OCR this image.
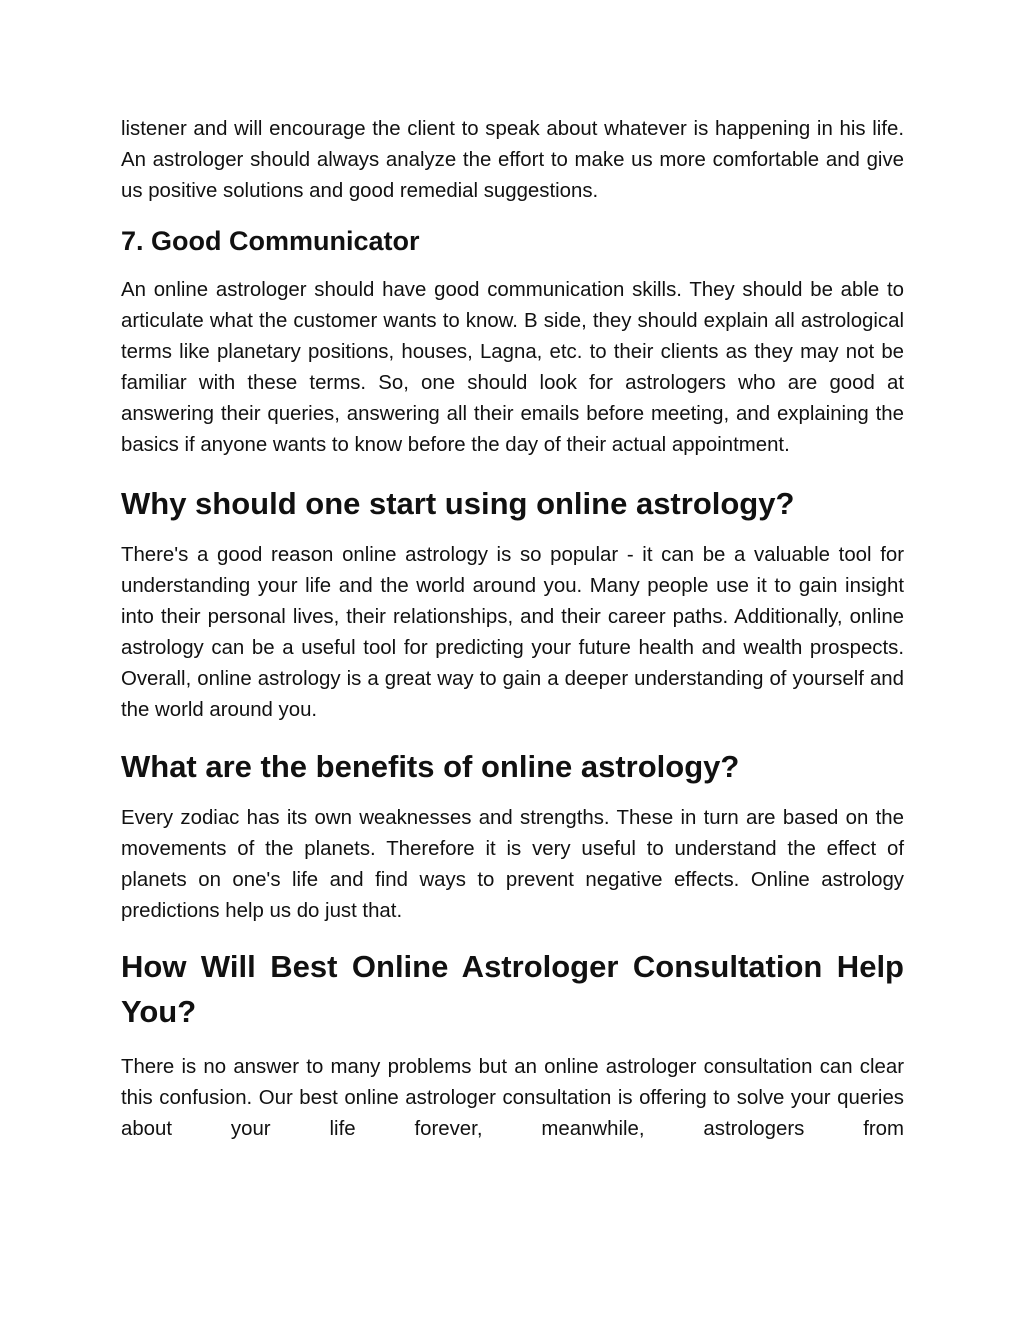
listener and will encourage the client to speak about whatever is happening in his life. An astrologer should always analyze the effort to make us more comfortable and give us positive solutions and good remedial suggestions.

7. Good Communicator

An online astrologer should have good communication skills. They should be able to articulate what the customer wants to know. B side, they should explain all astrological terms like planetary positions, houses, Lagna, etc. to their clients as they may not be familiar with these terms. So, one should look for astrologers who are good at answering their queries, answering all their emails before meeting, and explaining the basics if anyone wants to know before the day of their actual appointment.

Why should one start using online astrology?

There's a good reason online astrology is so popular - it can be a valuable tool for understanding your life and the world around you. Many people use it to gain insight into their personal lives, their relationships, and their career paths. Additionally, online astrology can be a useful tool for predicting your future health and wealth prospects. Overall, online astrology is a great way to gain a deeper understanding of yourself and the world around you.

What are the benefits of online astrology?

Every zodiac has its own weaknesses and strengths. These in turn are based on the movements of the planets. Therefore it is very useful to understand the effect of planets on one's life and find ways to prevent negative effects. Online astrology predictions help us do just that.

How Will Best Online Astrologer Consultation Help You?

There is no answer to many problems but an online astrologer consultation can clear this confusion. Our best online astrologer consultation is offering to solve your queries about your life forever, meanwhile, astrologers from
